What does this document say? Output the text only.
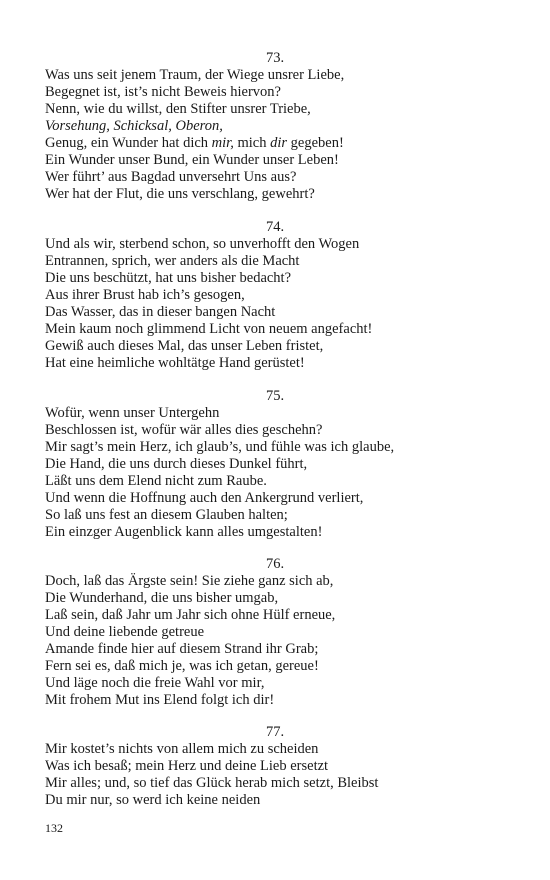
73.
Was uns seit jenem Traum, der Wiege unsrer Liebe,
Begegnet ist, ist’s nicht Beweis hiervon?
Nenn, wie du willst, den Stifter unsrer Triebe,
Vorsehung, Schicksal, Oberon,
Genug, ein Wunder hat dich mir, mich dir gegeben!
Ein Wunder unser Bund, ein Wunder unser Leben!
Wer führt’ aus Bagdad unversehrt Uns aus?
Wer hat der Flut, die uns verschlang, gewehrt?
74.
Und als wir, sterbend schon, so unverhofft den Wogen
Entrannen, sprich, wer anders als die Macht
Die uns beschützt, hat uns bisher bedacht?
Aus ihrer Brust hab ich’s gesogen,
Das Wasser, das in dieser bangen Nacht
Mein kaum noch glimmend Licht von neuem angefacht!
Gewiß auch dieses Mal, das unser Leben fristet,
Hat eine heimliche wohltätge Hand gerüstet!
75.
Wofür, wenn unser Untergehn
Beschlossen ist, wofür wär alles dies geschehn?
Mir sagt’s mein Herz, ich glaub’s, und fühle was ich glaube,
Die Hand, die uns durch dieses Dunkel führt,
Läßt uns dem Elend nicht zum Raube.
Und wenn die Hoffnung auch den Ankergrund verliert,
So laß uns fest an diesem Glauben halten;
Ein einzger Augenblick kann alles umgestalten!
76.
Doch, laß das Ärgste sein! Sie ziehe ganz sich ab,
Die Wunderhand, die uns bisher umgab,
Laß sein, daß Jahr um Jahr sich ohne Hülf erneue,
Und deine liebende getreue
Amande finde hier auf diesem Strand ihr Grab;
Fern sei es, daß mich je, was ich getan, gereue!
Und läge noch die freie Wahl vor mir,
Mit frohem Mut ins Elend folgt ich dir!
77.
Mir kostet’s nichts von allem mich zu scheiden
Was ich besaß; mein Herz und deine Lieb ersetzt
Mir alles; und, so tief das Glück herab mich setzt, Bleibst
Du mir nur, so werd ich keine neiden
132
